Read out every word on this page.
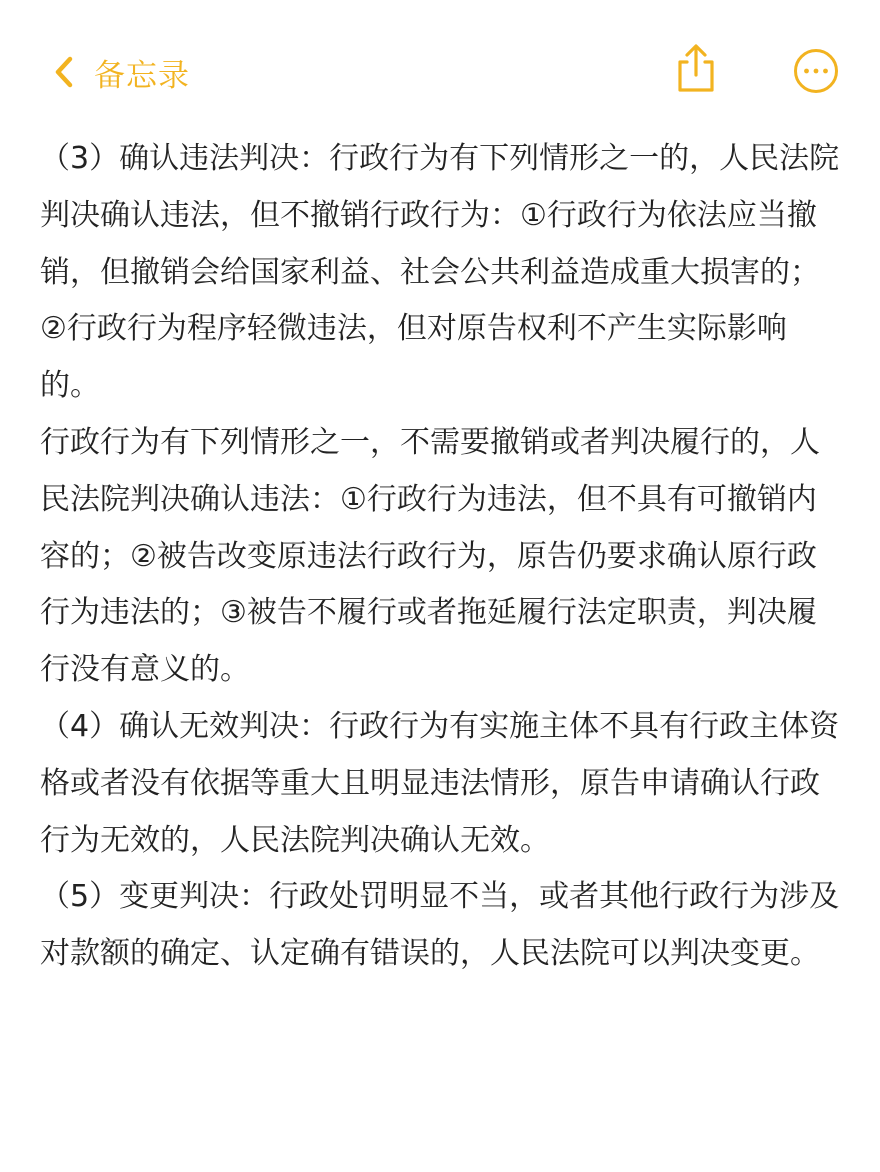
备忘录

（3）确认违法判决：行政行为有下列情形之一的，人民法院判决确认违法，但不撤销行政行为：①行政行为依法应当撤销，但撤销会给国家利益、社会公共利益造成重大损害的；②行政行为程序轻微违法，但对原告权利不产生实际影响的。

行政行为有下列情形之一，不需要撤销或者判决履行的，人民法院判决确认违法：①行政行为违法，但不具有可撤销内容的；②被告改变原违法行政行为，原告仍要求确认原行政行为违法的；③被告不履行或者拖延履行法定职责，判决履行没有意义的。

（4）确认无效判决：行政行为有实施主体不具有行政主体资格或者没有依据等重大且明显违法情形，原告申请确认行政行为无效的，人民法院判决确认无效。

（5）变更判决：行政处罚明显不当，或者其他行政行为涉及对款额的确定、认定确有错误的，人民法院可以判决变更。
